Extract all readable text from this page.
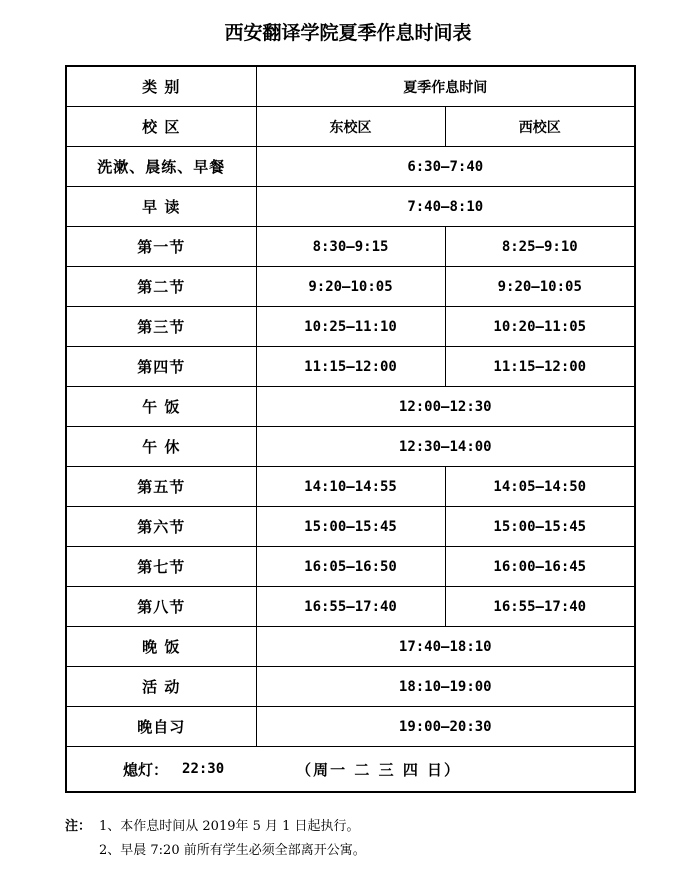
西安翻译学院夏季作息时间表
类 别	夏季作息时间	
校 区	东校区	西校区
洗漱、晨练、早餐	6:30—7:40	
早 读	7:40—8:10	
第一节	8:30—9:15	8:25—9:10
第二节	9:20—10:05	9:20—10:05
第三节	10:25—11:10	10:20—11:05
第四节	11:15—12:00	11:15—12:00
午 饭	12:00—12:30	
午 休	12:30—14:00	
第五节	14:10—14:55	14:05—14:50
第六节	15:00—15:45	15:00—15:45
第七节	16:05—16:50	16:00—16:45
第八节	16:55—17:40	16:55—17:40
晚 饭	17:40—18:10	
活 动	18:10—19:00	
晚自习	19:00—20:30	

熄灯： 22:30 （周一 二 三 四 日）		
注： 1、本作息时间从 2019年 5 月 1 日起执行。
2、早晨 7:20 前所有学生必须全部离开公寓。
